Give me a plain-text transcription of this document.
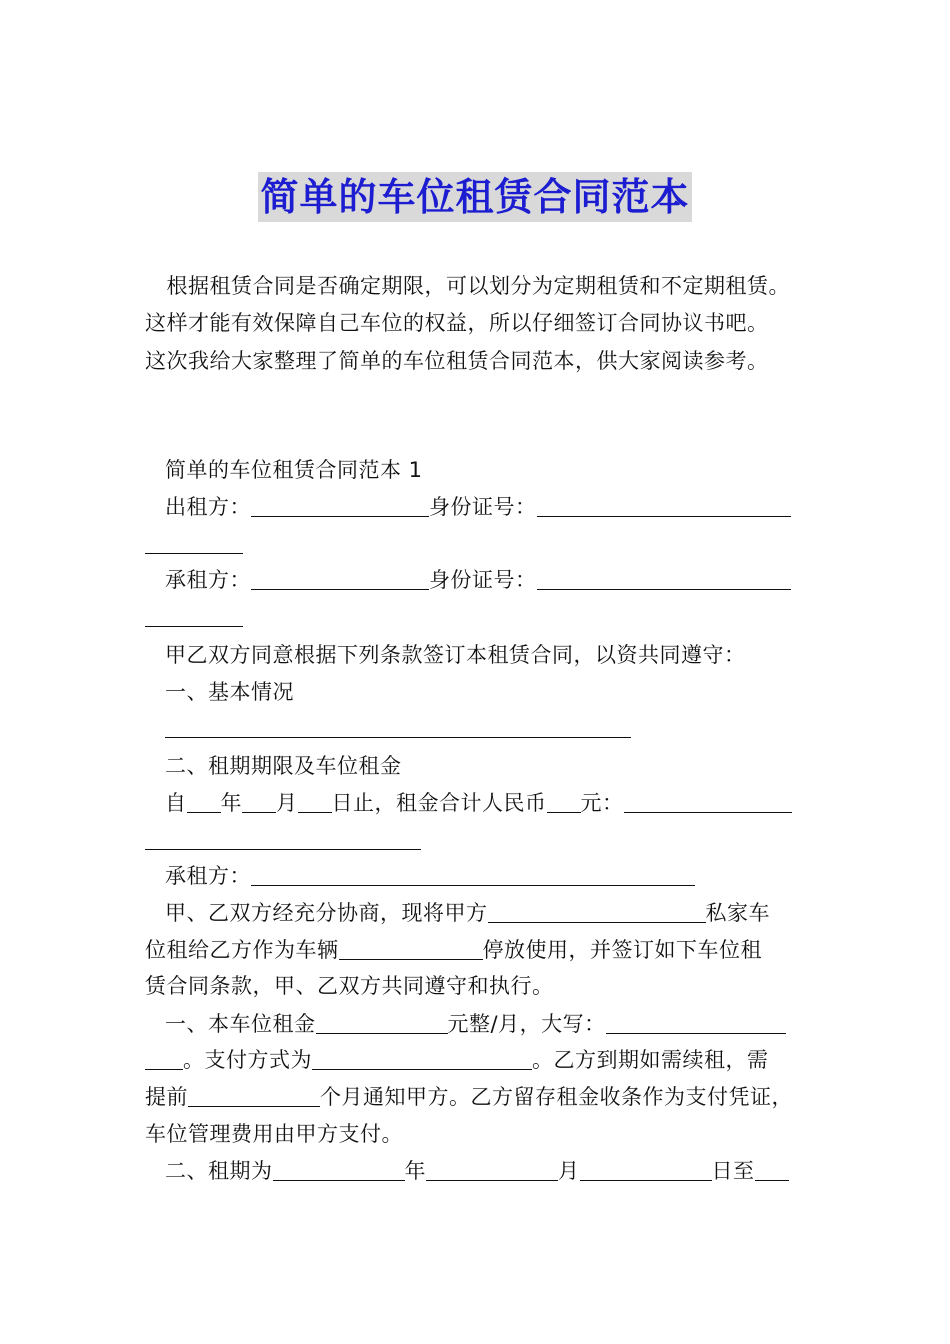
简单的车位租赁合同范本
　根据租赁合同是否确定期限，可以划分为定期租赁和不定期租赁。
这样才能有效保障自己车位的权益，所以仔细签订合同协议书吧。
这次我给大家整理了简单的车位租赁合同范本，供大家阅读参考。
简单的车位租赁合同范本 1
出租方：	身份证号：
承租方：	身份证号：
甲乙双方同意根据下列条款签订本租赁合同，以资共同遵守：
一、基本情况
二、租期期限及车位租金
自 年 月 日止，租金合计人民币 元：
承租方：
甲、乙双方经充分协商，现将甲方	私家车
位租给乙方作为车辆	停放使用，并签订如下车位租
赁合同条款，甲、乙双方共同遵守和执行。
一、本车位租金	元整/月，大写：
。支付方式为	。乙方到期如需续租，需
提前	个月通知甲方。乙方留存租金收条作为支付凭证，
车位管理费用由甲方支付。
二、租期为	年	月	日至
